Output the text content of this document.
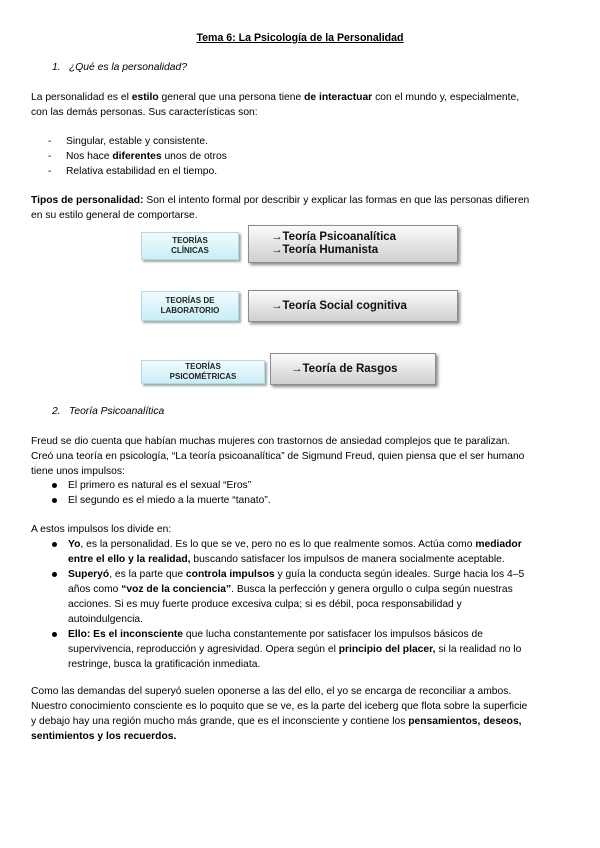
Tema 6: La Psicología de la Personalidad
1. ¿Qué es la personalidad?
La personalidad es el estilo general que una persona tiene de interactuar con el mundo y, especialmente,
con las demás personas. Sus características son:
- Singular, estable y consistente.
- Nos hace diferentes unos de otros
- Relativa estabilidad en el tiempo.
Tipos de personalidad: Son el intento formal por describir y explicar las formas en que las personas difieren
en su estilo general de comportarse.
TEORÍAS
CLÍNICAS
→Teoría Psicoanalítica
→Teoría Humanista
TEORÍAS DE
LABORATORIO	→Teoría Social cognitiva
TEORÍAS
PSICOMÉTRICAS
→Teoría de Rasgos
2. Teoría Psicoanalítica
Freud se dio cuenta que habían muchas mujeres con trastornos de ansiedad complejos que te paralizan.
Creó una teoría en psicología, “La teoría psicoanalítica” de Sigmund Freud, quien piensa que el ser humano
tiene unos impulsos:
El primero es natural es el sexual “Eros”
El segundo es el miedo a la muerte “tanato”.
A estos impulsos los divide en:
Yo, es la personalidad. Es lo que se ve, pero no es lo que realmente somos. Actúa como mediador
entre el ello y la realidad, buscando satisfacer los impulsos de manera socialmente aceptable.
Superyó, es la parte que controla impulsos y guía la conducta según ideales. Surge hacia los 4–5
años como “voz de la conciencia”. Busca la perfección y genera orgullo o culpa según nuestras
acciones. Si es muy fuerte produce excesiva culpa; si es débil, poca responsabilidad y
autoindulgencia.
Ello: Es el inconsciente que lucha constantemente por satisfacer los impulsos básicos de
supervivencia, reproducción y agresividad. Opera según el principio del placer, si la realidad no lo
restringe, busca la gratificación inmediata.
Como las demandas del superyó suelen oponerse a las del ello, el yo se encarga de reconciliar a ambos.
Nuestro conocimiento consciente es lo poquito que se ve, es la parte del iceberg que flota sobre la superficie
y debajo hay una región mucho más grande, que es el inconsciente y contiene los pensamientos, deseos,
sentimientos y los recuerdos.
